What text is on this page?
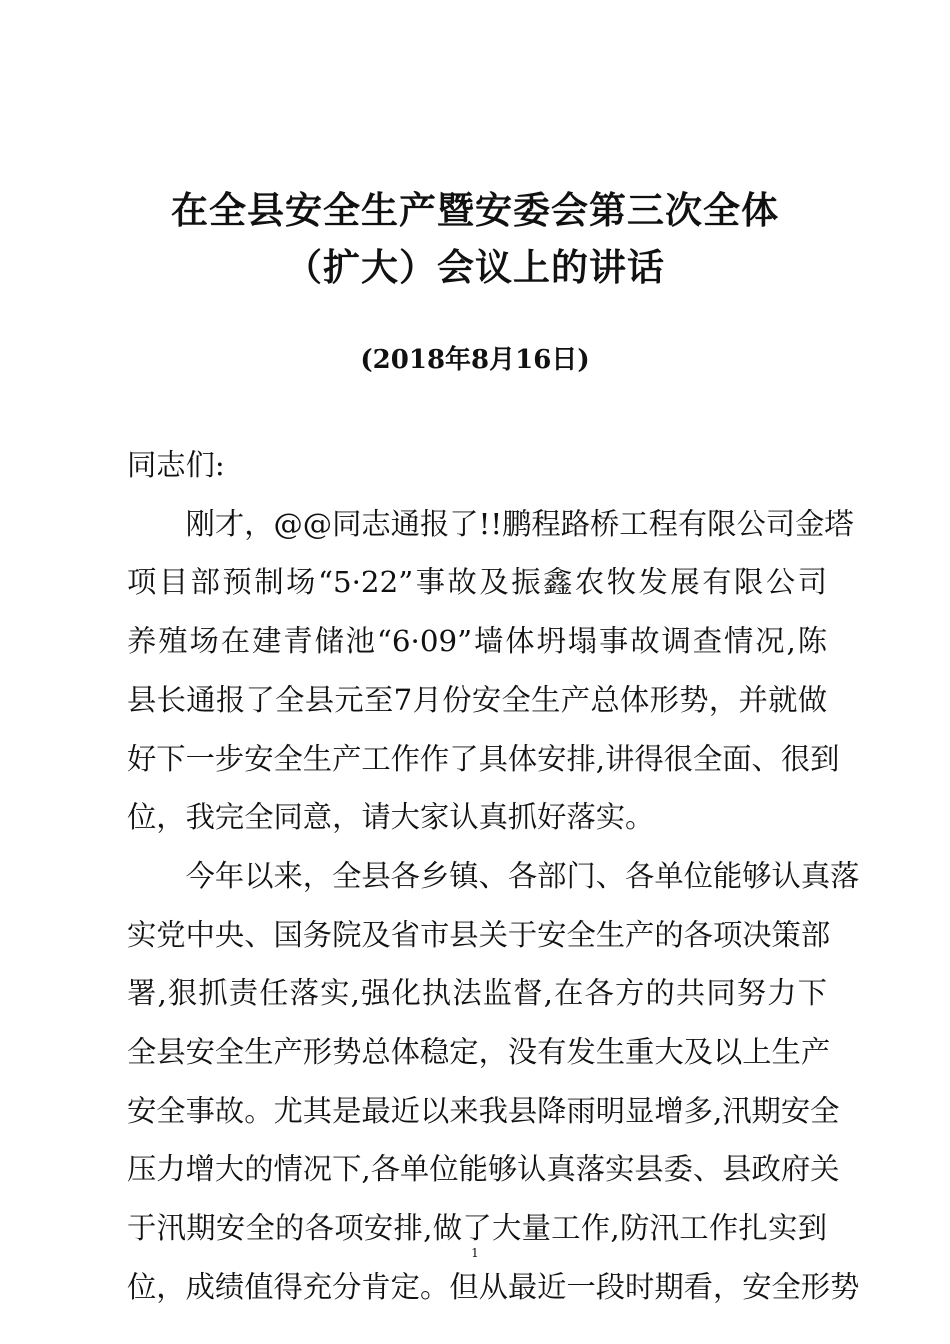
在全县安全生产暨安委会第三次全体
（扩大）会议上的讲话
(2018年8月16日)

同志们:

刚才，@@同志通报了!!鹏程路桥工程有限公司金塔
项目部预制场“5·22”事故及振鑫农牧发展有限公司
养殖场在建青储池“6·09”墙体坍塌事故调查情况,陈
县长通报了全县元至7月份安全生产总体形势，并就做
好下一步安全生产工作作了具体安排,讲得很全面、很到
位，我完全同意，请大家认真抓好落实。

今年以来，全县各乡镇、各部门、各单位能够认真落
实党中央、国务院及省市县关于安全生产的各项决策部
署,狠抓责任落实,强化执法监督,在各方的共同努力下
全县安全生产形势总体稳定，没有发生重大及以上生产
安全事故。尤其是最近以来我县降雨明显增多,汛期安全
压力增大的情况下,各单位能够认真落实县委、县政府关
于汛期安全的各项安排,做了大量工作,防汛工作扎实到
位，成绩值得充分肯定。但从最近一段时期看，安全形势

1
